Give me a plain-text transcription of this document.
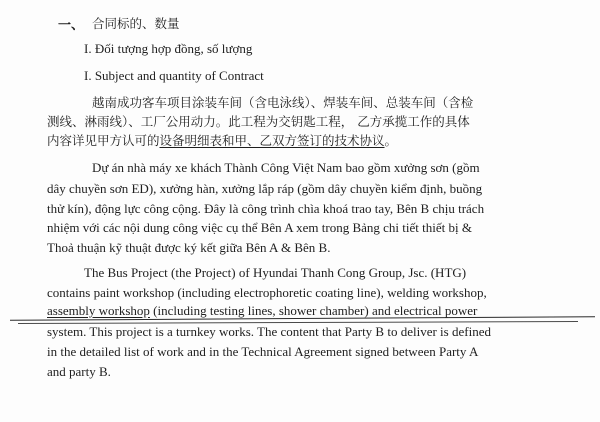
一、 合同标的、数量
I. Đối tượng hợp đồng, số lượng
I. Subject and quantity of Contract
越南成功客车项目涂装车间（含电泳线）、焊装车间、总装车间（含检
测线、淋雨线）、工厂公用动力。此工程为交钥匙工程， 乙方承揽工作的具体
内容详见甲方认可的设备明细表和甲、乙双方签订的技术协议。
Dự án nhà máy xe khách Thành Công Việt Nam bao gồm xưởng sơn (gồm
dây chuyền sơn ED), xưởng hàn, xưởng lắp ráp (gồm dây chuyền kiểm định, buồng
thử kín), động lực công cộng. Đây là công trình chìa khoá trao tay, Bên B chịu trách
nhiệm với các nội dung công việc cụ thể Bên A xem trong Bảng chi tiết thiết bị &
Thoả thuận kỹ thuật được ký kết giữa Bên A & Bên B.
The Bus Project (the Project) of Hyundai Thanh Cong Group, Jsc. (HTG)
contains paint workshop (including electrophoretic coating line), welding workshop,
assembly workshop (including testing lines, shower chamber) and electrical power
system. This project is a turnkey works. The content that Party B to deliver is defined
in the detailed list of work and in the Technical Agreement signed between Party A
and party B.
